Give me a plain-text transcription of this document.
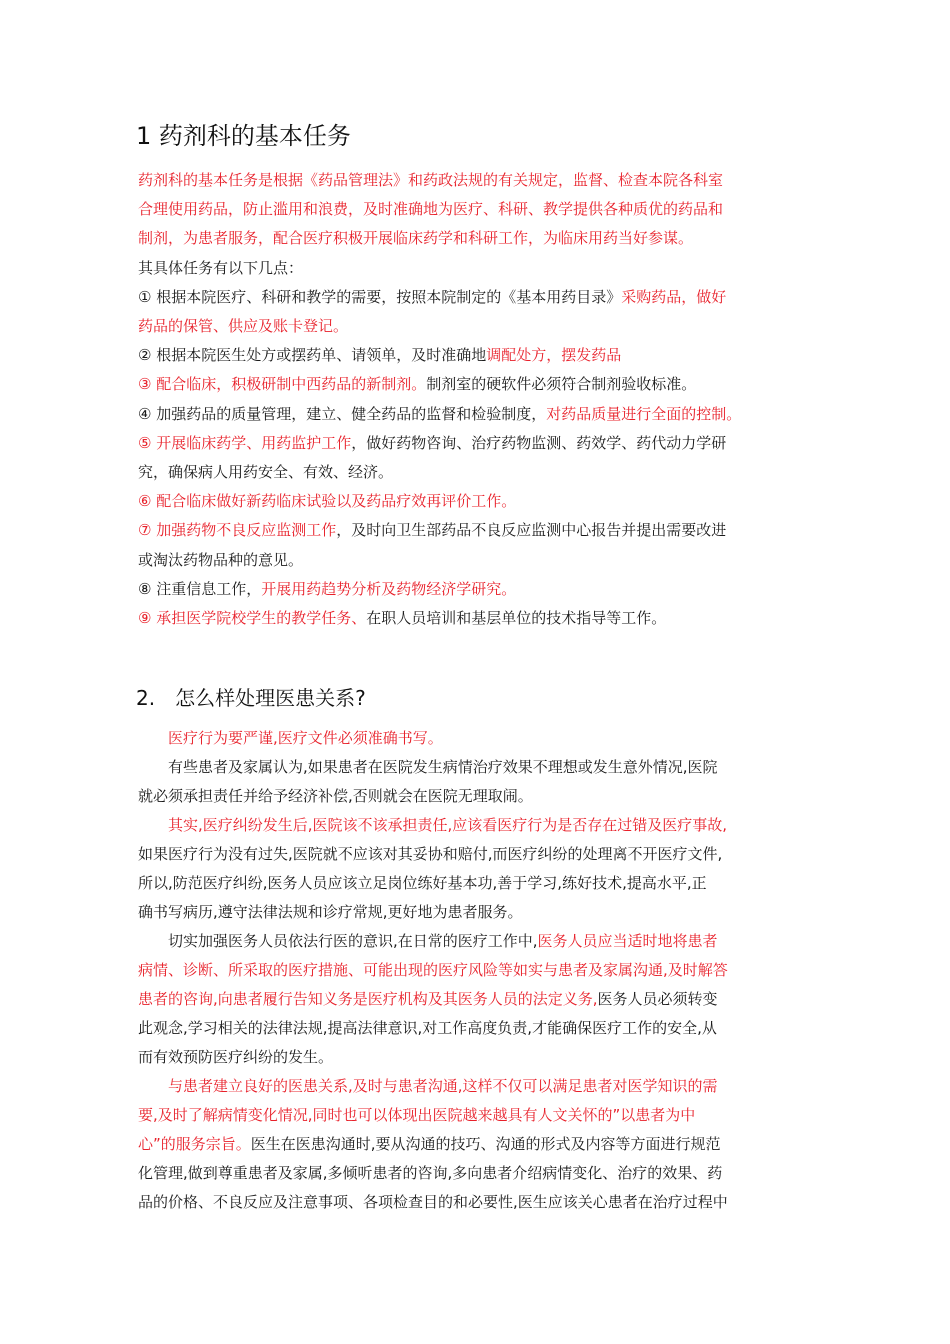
1 药剂科的基本任务
药剂科的基本任务是根据《药品管理法》和药政法规的有关规定，监督、检查本院各科室
合理使用药品，防止滥用和浪费，及时准确地为医疗、科研、教学提供各种质优的药品和
制剂，为患者服务，配合医疗积极开展临床药学和科研工作，为临床用药当好参谋。
其具体任务有以下几点：
① 根据本院医疗、科研和教学的需要，按照本院制定的《基本用药目录》采购药品，做好
药品的保管、供应及账卡登记。
② 根据本院医生处方或摆药单、请领单，及时准确地调配处方，摆发药品
③ 配合临床，积极研制中西药品的新制剂。制剂室的硬软件必须符合制剂验收标准。
④ 加强药品的质量管理，建立、健全药品的监督和检验制度，对药品质量进行全面的控制。
⑤ 开展临床药学、用药监护工作，做好药物咨询、治疗药物监测、药效学、药代动力学研
究，确保病人用药安全、有效、经济。
⑥ 配合临床做好新药临床试验以及药品疗效再评价工作。
⑦ 加强药物不良反应监测工作，及时向卫生部药品不良反应监测中心报告并提出需要改进
或淘汰药物品种的意见。
⑧ 注重信息工作，开展用药趋势分析及药物经济学研究。
⑨ 承担医学院校学生的教学任务、在职人员培训和基层单位的技术指导等工作。
2.　怎么样处理医患关系?
　　医疗行为要严谨,医疗文件必须准确书写。
　　有些患者及家属认为,如果患者在医院发生病情治疗效果不理想或发生意外情况,医院
就必须承担责任并给予经济补偿,否则就会在医院无理取闹。
　　其实,医疗纠纷发生后,医院该不该承担责任,应该看医疗行为是否存在过错及医疗事故,
如果医疗行为没有过失,医院就不应该对其妥协和赔付,而医疗纠纷的处理离不开医疗文件,
所以,防范医疗纠纷,医务人员应该立足岗位练好基本功,善于学习,练好技术,提高水平,正
确书写病历,遵守法律法规和诊疗常规,更好地为患者服务。
　　切实加强医务人员依法行医的意识,在日常的医疗工作中,医务人员应当适时地将患者
病情、诊断、所采取的医疗措施、可能出现的医疗风险等如实与患者及家属沟通,及时解答
患者的咨询,向患者履行告知义务是医疗机构及其医务人员的法定义务,医务人员必须转变
此观念,学习相关的法律法规,提高法律意识,对工作高度负责,才能确保医疗工作的安全,从
而有效预防医疗纠纷的发生。
　　与患者建立良好的医患关系,及时与患者沟通,这样不仅可以满足患者对医学知识的需
要,及时了解病情变化情况,同时也可以体现出医院越来越具有人文关怀的”以患者为中
心”的服务宗旨。医生在医患沟通时,要从沟通的技巧、沟通的形式及内容等方面进行规范
化管理,做到尊重患者及家属,多倾听患者的咨询,多向患者介绍病情变化、治疗的效果、药
品的价格、不良反应及注意事项、各项检查目的和必要性,医生应该关心患者在治疗过程中
